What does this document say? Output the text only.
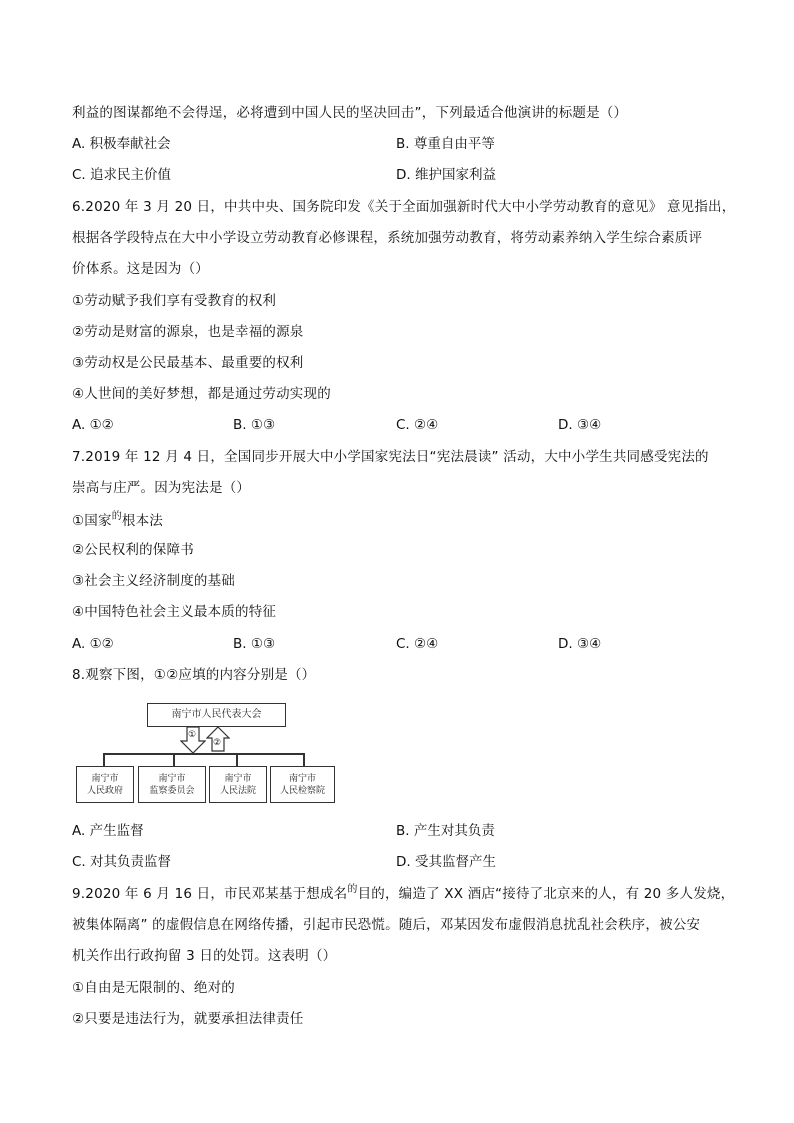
利益的图谋都绝不会得逞，必将遭到中国人民的坚决回击”，下列最适合他演讲的标题是（）
A. 积极奉献社会	B. 尊重自由平等
C. 追求民主价值	D. 维护国家利益
6.2020 年 3 月 20 日，中共中央、国务院印发《关于全面加强新时代大中小学劳动教育的意见》 意见指出，
根据各学段特点在大中小学设立劳动教育必修课程，系统加强劳动教育，将劳动素养纳入学生综合素质评
价体系。这是因为（）
①劳动赋予我们享有受教育的权利
②劳动是财富的源泉，也是幸福的源泉
③劳动权是公民最基本、最重要的权利
④人世间的美好梦想，都是通过劳动实现的
A. ①②	B. ①③	C. ②④	D. ③④
7.2019 年 12 月 4 日，全国同步开展大中小学国家宪法日“宪法晨读” 活动，大中小学生共同感受宪法的
崇高与庄严。因为宪法是（）
①国家$^的$根本法
②公民权利的保障书
③社会主义经济制度的基础
④中国特色社会主义最本质的特征
A. ①②	B. ①③	C. ②④	D. ③④
8.观察下图，①②应填的内容分别是（）
南宁市人民代表大会
①
②
南宁市
人民政府
南宁市
监察委员会
南宁市
人民法院
南宁市
人民检察院
A. 产生监督	B. 产生对其负责
C. 对其负责监督	D. 受其监督产生
9.2020 年 6 月 16 日，市民邓某基于想成名$^的$目的，编造了 XX 酒店“接待了北京来的人，有 20 多人发烧，
被集体隔离” 的虚假信息在网络传播，引起市民恐慌。随后，邓某因发布虚假消息扰乱社会秩序，被公安
机关作出行政拘留 3 日的处罚。这表明（）
①自由是无限制的、绝对的
②只要是违法行为，就要承担法律责任
